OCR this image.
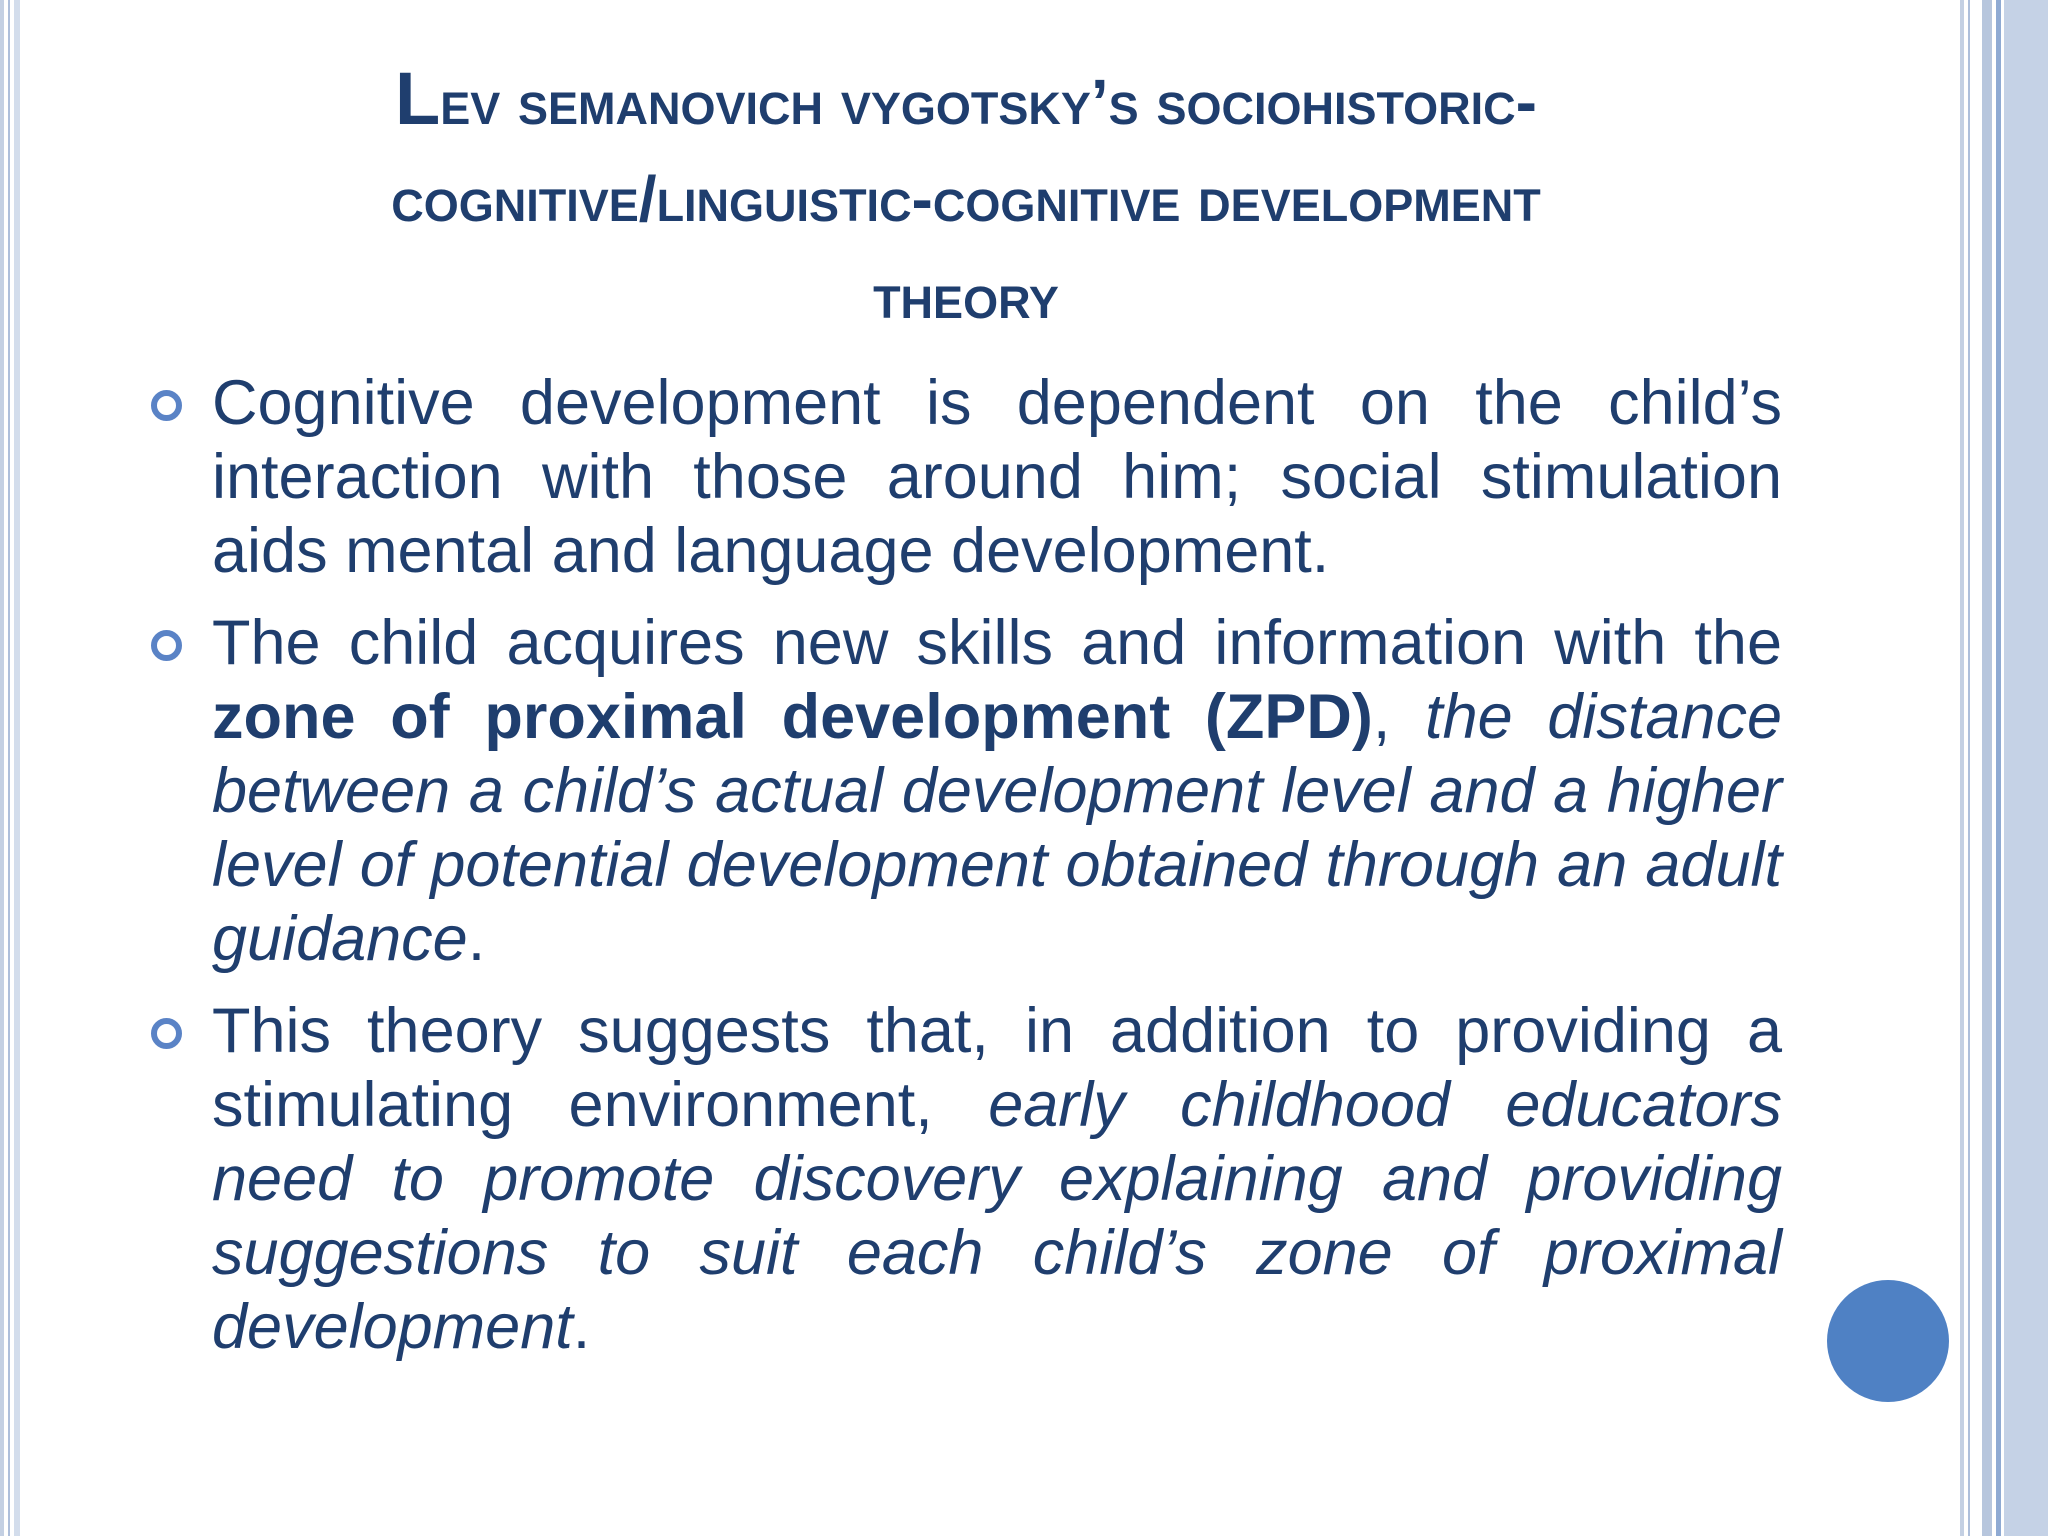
Lev semanovich vygotsky’s sociohistoric-
cognitive/linguistic-cognitive development
theory
Cognitive development is dependent on the child’s interaction with those around him; social stimulation aids mental and language development.
The child acquires new skills and information with the zone of proximal development (ZPD), the distance between a child’s actual development level and a higher level of potential development obtained through an adult guidance.
This theory suggests that, in addition to providing a stimulating environment, early childhood educators need to promote discovery explaining and providing suggestions to suit each child’s zone of proximal development.
